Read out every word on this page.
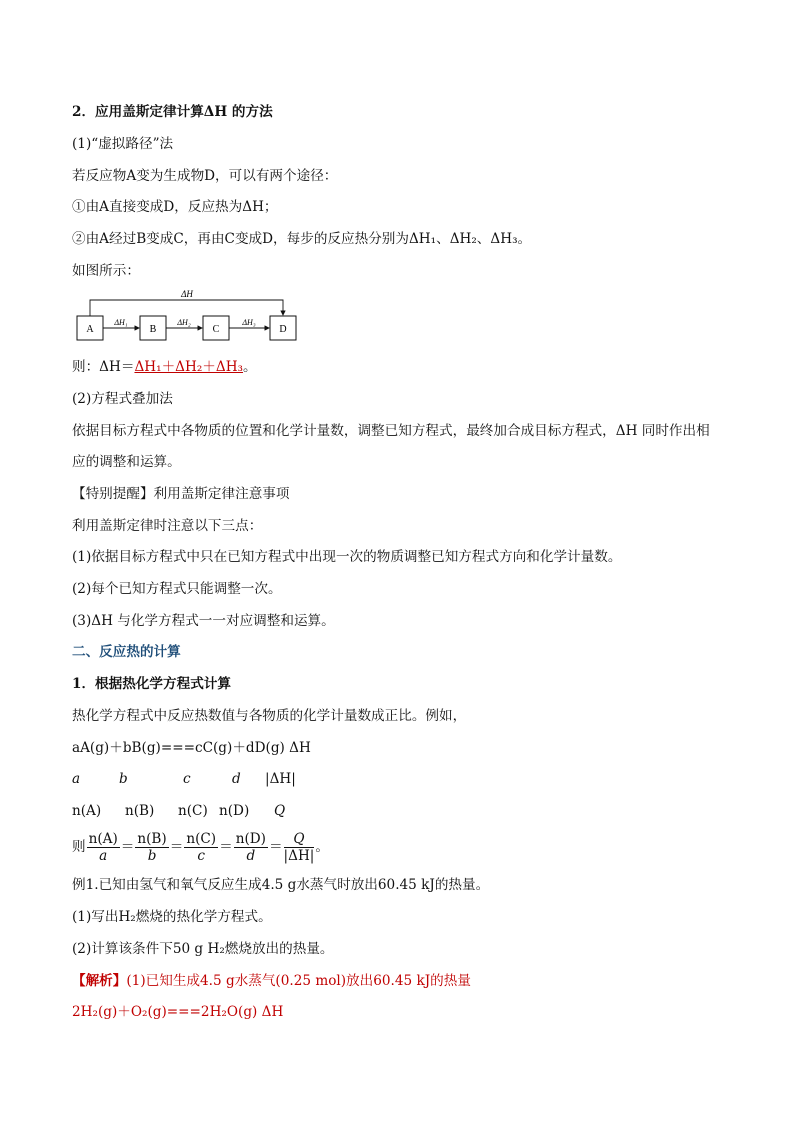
2．应用盖斯定律计算ΔH 的方法
(1)“虚拟路径”法
若反应物A变为生成物D，可以有两个途径：
①由A直接变成D，反应热为ΔH；
②由A经过B变成C，再由C变成D，每步的反应热分别为ΔH₁、ΔH₂、ΔH₃。
如图所示：
A	B	C	D
ΔH
ΔH₁	ΔH₂	ΔH₃
则：ΔH＝ΔH₁＋ΔH₂＋ΔH₃。
(2)方程式叠加法
依据目标方程式中各物质的位置和化学计量数，调整已知方程式，最终加合成目标方程式，ΔH 同时作出相
应的调整和运算。
【特别提醒】利用盖斯定律注意事项
利用盖斯定律时注意以下三点：
(1)依据目标方程式中只在已知方程式中出现一次的物质调整已知方程式方向和化学计量数。
(2)每个已知方程式只能调整一次。
(3)ΔH 与化学方程式一一对应调整和运算。
二、反应热的计算
1．根据热化学方程式计算
热化学方程式中反应热数值与各物质的化学计量数成正比。例如，
aA(g)＋bB(g)===cC(g)＋dD(g) ΔH
a	b	c	d |ΔH|
n(A) n(B) n(C) n(D) Q
则 $\frac{n(A)}{a} = \frac{n(B)}{b} = \frac{n(C)}{c} = \frac{n(D)}{d} = \frac{Q}{|\Delta H|}$ 。
例1.已知由氢气和氧气反应生成4.5 g水蒸气时放出60.45 kJ的热量。
(1)写出H₂燃烧的热化学方程式。
(2)计算该条件下50 g H₂燃烧放出的热量。
【解析】(1)已知生成4.5 g水蒸气(0.25 mol)放出60.45 kJ的热量
2H₂(g)＋O₂(g)===2H₂O(g) ΔH
